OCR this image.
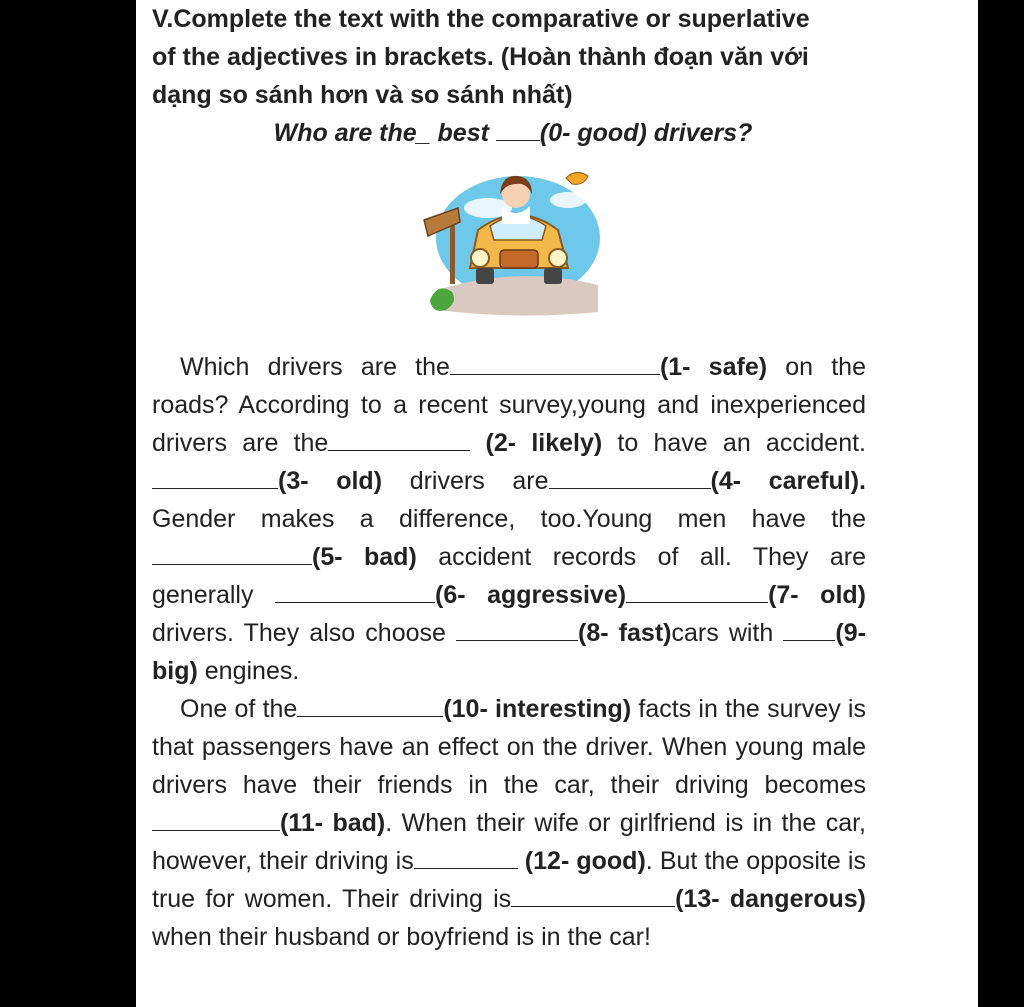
V.Complete the text with the comparative or superlative
of the adjectives in brackets. (Hoàn thành đoạn văn với
dạng so sánh hơn và so sánh nhất)

Who are the_ best (0- good) drivers?

Which drivers are the	(1- safe) on the roads? According to a recent survey,young and inexperienced drivers are the	(2- likely) to have an accident.(3- old) drivers are	(4- careful). Gender makes a difference, too.Young men have the (5- bad) accident records of all. They are generally	(6- aggressive)	(7- old) drivers. They also choose	(8- fast)cars with (9- big) engines.

One of the	(10- interesting) facts in the survey is that passengers have an effect on the driver. When young male drivers have their friends in the car, their driving becomes(11- bad). When their wife or girlfriend is in the car, however, their driving is	(12- good). But the opposite is true for women. Their driving is	(13- dangerous) when their husband or boyfriend is in the car!
